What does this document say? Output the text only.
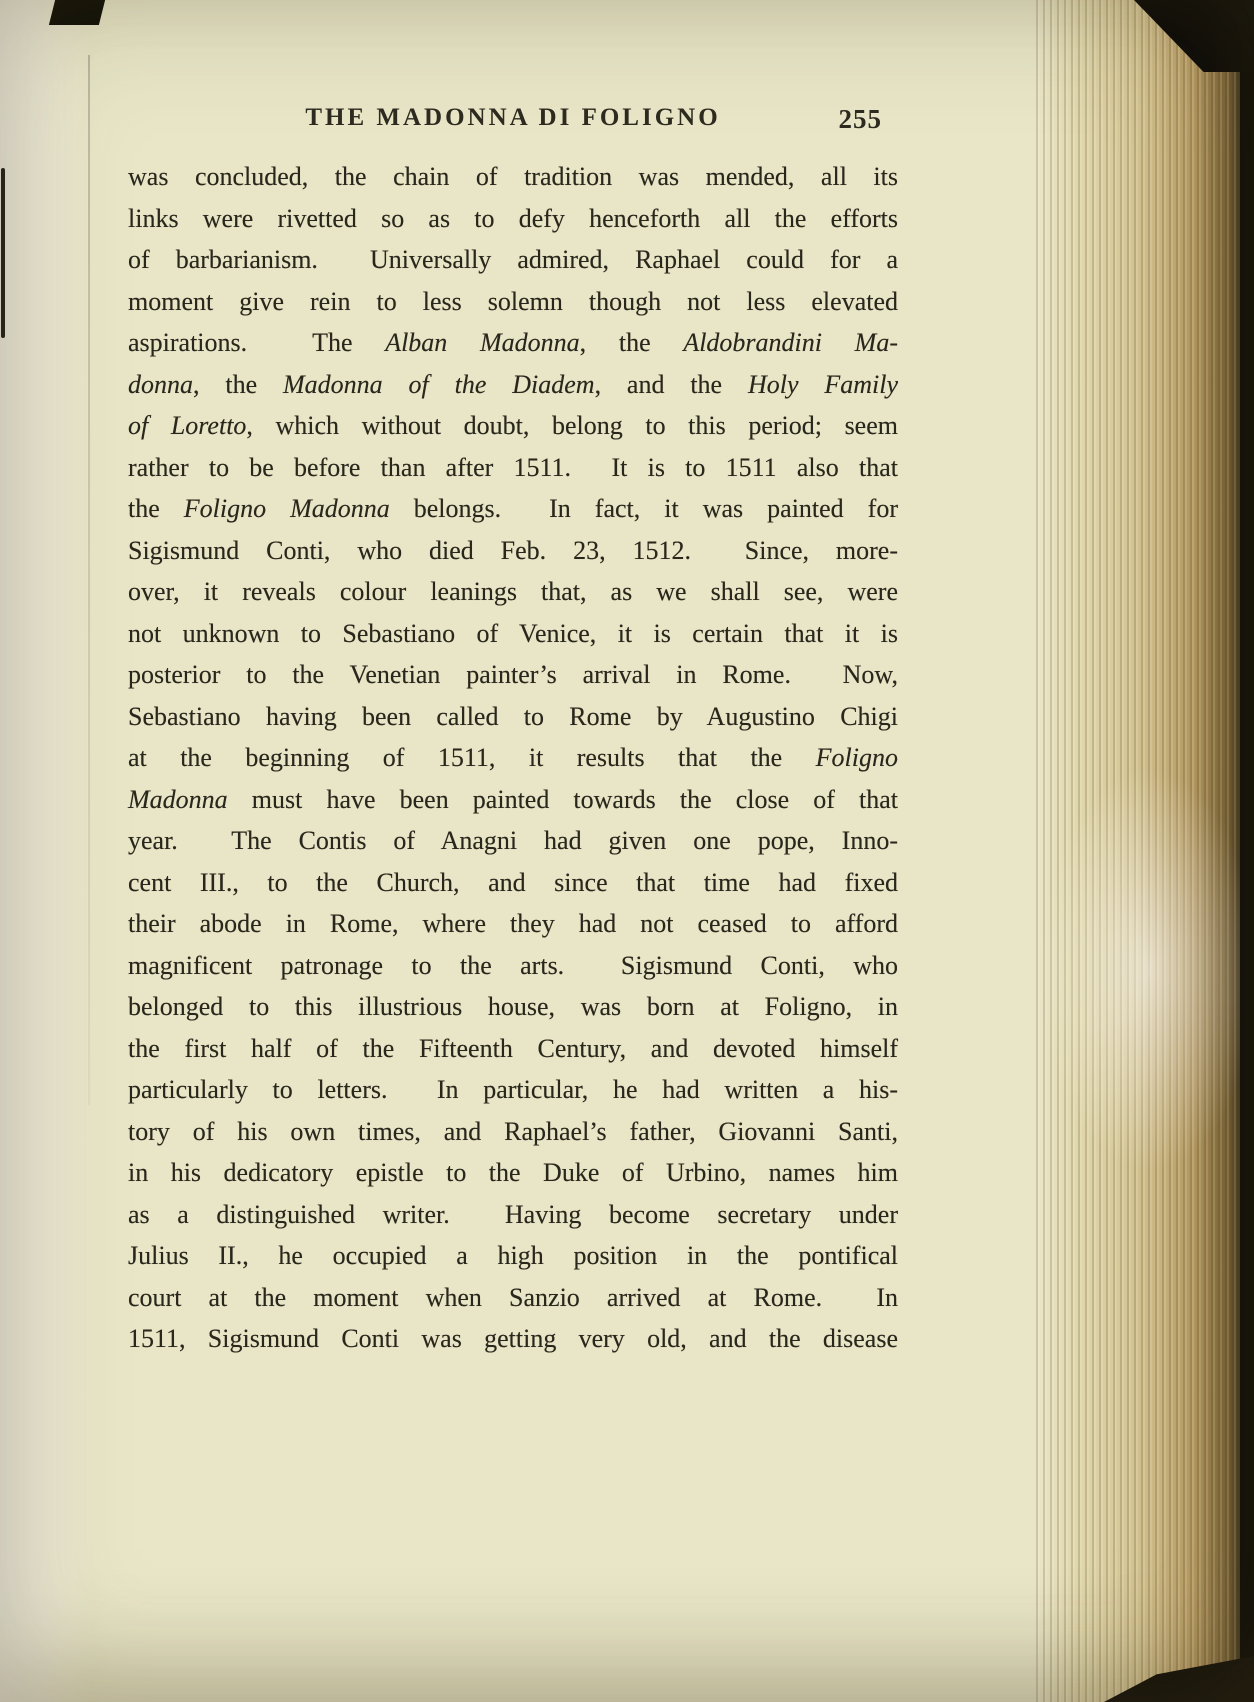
THE MADONNA DI FOLIGNO	255
was concluded, the chain of tradition was mended, all its
links were rivetted so as to defy henceforth all the efforts
of barbarianism.  Universally admired, Raphael could for a
moment give rein to less solemn though not less elevated
aspirations.  The Alban Madonna, the Aldobrandini Ma-
donna, the Madonna of the Diadem, and the Holy Family
of Loretto, which without doubt, belong to this period; seem
rather to be before than after 1511.  It is to 1511 also that
the Foligno Madonna belongs.  In fact, it was painted for
Sigismund Conti, who died Feb. 23, 1512.  Since, more-
over, it reveals colour leanings that, as we shall see, were
not unknown to Sebastiano of Venice, it is certain that it is
posterior to the Venetian painter’s arrival in Rome.  Now,
Sebastiano having been called to Rome by Augustino Chigi
at the beginning of 1511, it results that the Foligno
Madonna must have been painted towards the close of that
year.  The Contis of Anagni had given one pope, Inno-
cent III., to the Church, and since that time had fixed
their abode in Rome, where they had not ceased to afford
magnificent patronage to the arts.  Sigismund Conti, who
belonged to this illustrious house, was born at Foligno, in
the first half of the Fifteenth Century, and devoted himself
particularly to letters.  In particular, he had written a his-
tory of his own times, and Raphael’s father, Giovanni Santi,
in his dedicatory epistle to the Duke of Urbino, names him
as a distinguished writer.  Having become secretary under
Julius II., he occupied a high position in the pontifical
court at the moment when Sanzio arrived at Rome.  In
1511, Sigismund Conti was getting very old, and the disease
